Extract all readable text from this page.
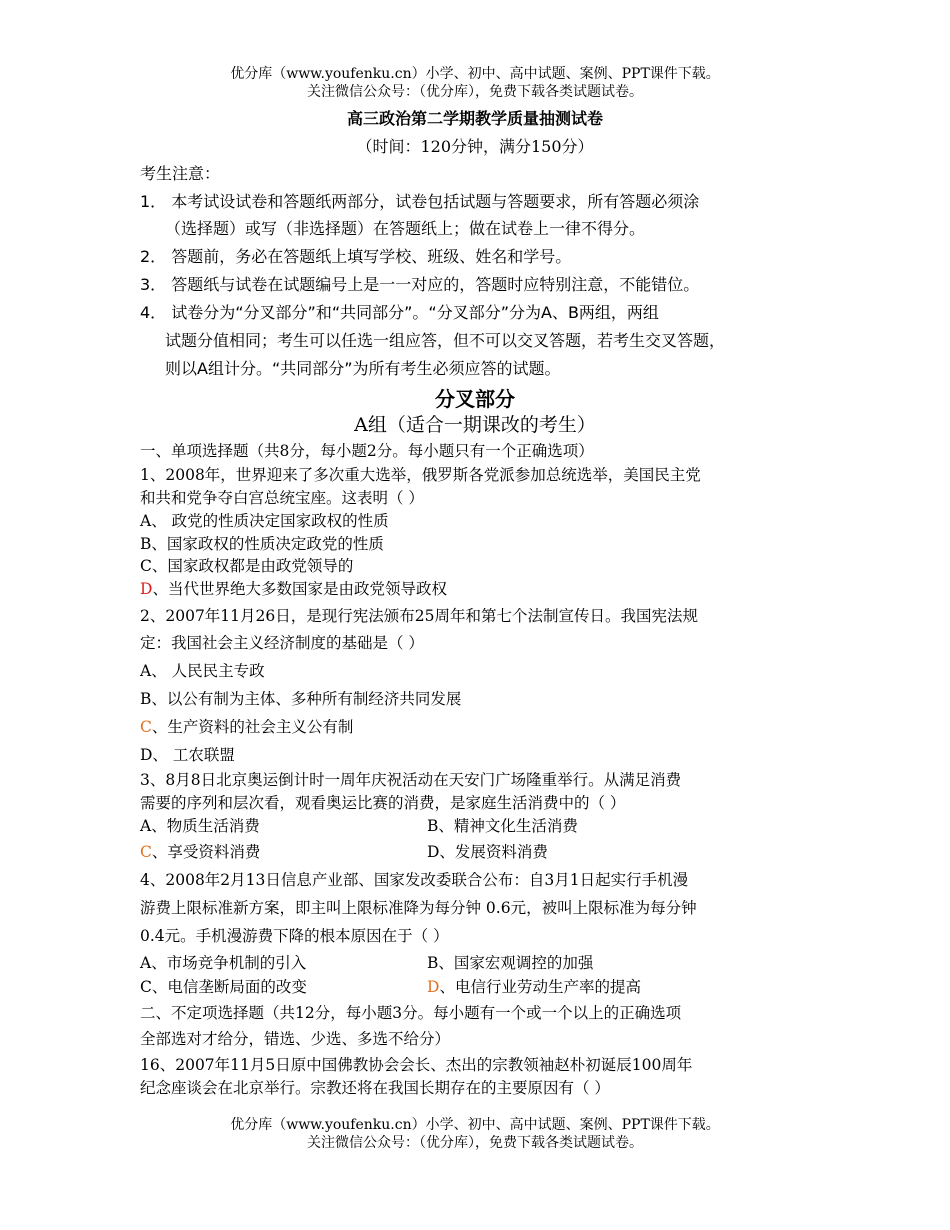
优分库（www.youfenku.cn）小学、初中、高中试题、案例、PPT课件下载。
关注微信公众号：（优分库），免费下载各类试题试卷。
高三政治第二学期教学质量抽测试卷
（时间：120分钟，满分150分）
考生注意：
1． 本考试设试卷和答题纸两部分，试卷包括试题与答题要求，所有答题必须涂
（选择题）或写（非选择题）在答题纸上；做在试卷上一律不得分。
2． 答题前，务必在答题纸上填写学校、班级、姓名和学号。
3． 答题纸与试卷在试题编号上是一一对应的，答题时应特别注意，不能错位。
4． 试卷分为“分叉部分”和“共同部分”。“分叉部分”分为A、B两组，两组
试题分值相同；考生可以任选一组应答，但不可以交叉答题，若考生交叉答题，
则以A组计分。“共同部分”为所有考生必须应答的试题。
分叉部分
A组（适合一期课改的考生）
一、单项选择题（共8分，每小题2分。每小题只有一个正确选项）
1、2008年，世界迎来了多次重大选举，俄罗斯各党派参加总统选举，美国民主党
和共和党争夺白宫总统宝座。这表明（ ）
A、 政党的性质决定国家政权的性质
B、国家政权的性质决定政党的性质
C、国家政权都是由政党领导的
D、当代世界绝大多数国家是由政党领导政权
2、2007年11月26日，是现行宪法颁布25周年和第七个法制宣传日。我国宪法规
定：我国社会主义经济制度的基础是（ ）
A、 人民民主专政
B、以公有制为主体、多种所有制经济共同发展
C、生产资料的社会主义公有制
D、 工农联盟
3、8月8日北京奥运倒计时一周年庆祝活动在天安门广场隆重举行。从满足消费
需要的序列和层次看，观看奥运比赛的消费，是家庭生活消费中的（ ）
A、物质生活消费	B、精神文化生活消费
C、享受资料消费	D、发展资料消费
4、2008年2月13日信息产业部、国家发改委联合公布：自3月1日起实行手机漫
游费上限标准新方案，即主叫上限标准降为每分钟 0.6元，被叫上限标准为每分钟
0.4元。手机漫游费下降的根本原因在于（ ）
A、市场竞争机制的引入	B、国家宏观调控的加强
C、电信垄断局面的改变	D、电信行业劳动生产率的提高
二、不定项选择题（共12分，每小题3分。每小题有一个或一个以上的正确选项
全部选对才给分，错选、少选、多选不给分）
16、2007年11月5日原中国佛教协会会长、杰出的宗教领袖赵朴初诞辰100周年
纪念座谈会在北京举行。宗教还将在我国长期存在的主要原因有（ ）
优分库（www.youfenku.cn）小学、初中、高中试题、案例、PPT课件下载。
关注微信公众号：（优分库），免费下载各类试题试卷。
